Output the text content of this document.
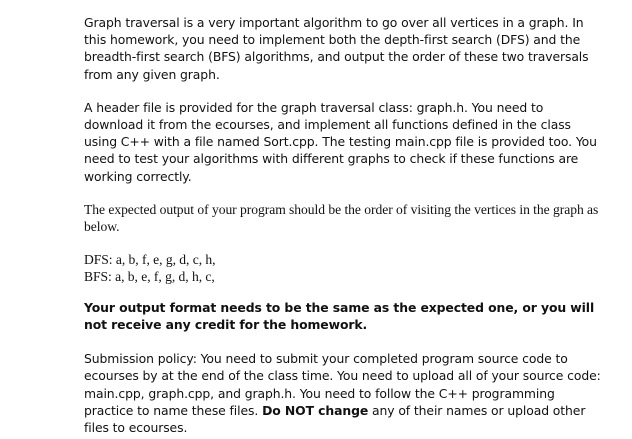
Graph traversal is a very important algorithm to go over all vertices in a graph. In this homework, you need to implement both the depth-first search (DFS) and the breadth-first search (BFS) algorithms, and output the order of these two traversals from any given graph.

A header file is provided for the graph traversal class: graph.h. You need to download it from the ecourses, and implement all functions defined in the class using C++ with a file named Sort.cpp. The testing main.cpp file is provided too. You need to test your algorithms with different graphs to check if these functions are working correctly.

The expected output of your program should be the order of visiting the vertices in the graph as below.

DFS: a, b, f, e, g, d, c, h,

BFS: a, b, e, f, g, d, h, c,

Your output format needs to be the same as the expected one, or you will not receive any credit for the homework.

Submission policy: You need to submit your completed program source code to ecourses by at the end of the class time. You need to upload all of your source code: main.cpp, graph.cpp, and graph.h. You need to follow the C++ programming practice to name these files. Do NOT change any of their names or upload other files to ecourses.
